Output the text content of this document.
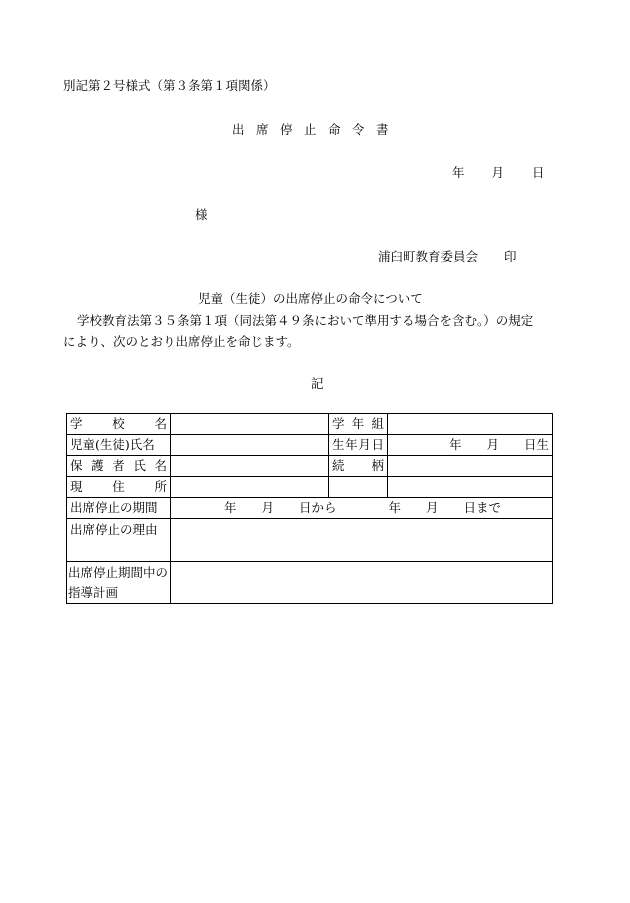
別記第２号様式（第３条第１項関係）
出席停止命令書
年 月 日
様
浦臼町教育委員会 印
児童（生徒）の出席停止の命令について
学校教育法第３５条第１項（同法第４９条において準用する場合を含む。）の規定
により、次のとおり出席停止を命じます。
記
学校名		学年組	
児童(生徒)氏名		生年月日	年　　月　　日生
保護者氏名		続柄	
現住所			
出席停止の期間	年　　月　　日から 年　　月　　日まで		
出席停止の理由			
出席停止期間中の指導計画			
